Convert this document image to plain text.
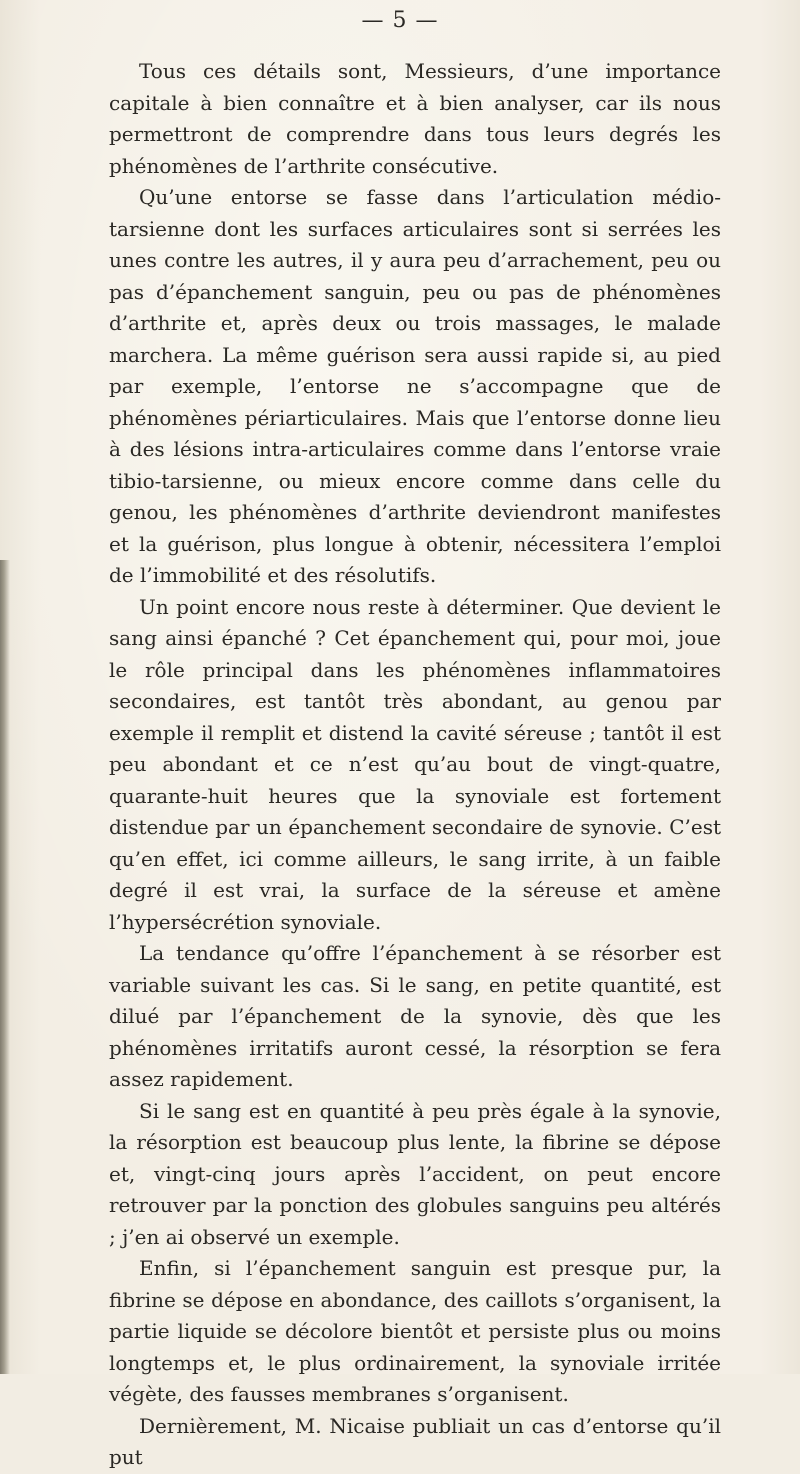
— 5 —

Tous ces détails sont, Messieurs, d’une importance capitale à bien connaître et à bien analyser, car ils nous permettront de comprendre dans tous leurs degrés les phénomènes de l’arthrite consécutive.

Qu’une entorse se fasse dans l’articulation médio-tarsienne dont les surfaces articulaires sont si serrées les unes contre les autres, il y aura peu d’arrachement, peu ou pas d’épanchement sanguin, peu ou pas de phénomènes d’arthrite et, après deux ou trois massages, le malade marchera. La même guérison sera aussi rapide si, au pied par exemple, l’entorse ne s’accompagne que de phénomènes périarticulaires. Mais que l’entorse donne lieu à des lésions intra-articulaires comme dans l’entorse vraie tibio-tarsienne, ou mieux encore comme dans celle du genou, les phénomènes d’arthrite deviendront manifestes et la guérison, plus longue à obtenir, nécessitera l’emploi de l’immobilité et des résolutifs.

Un point encore nous reste à déterminer. Que devient le sang ainsi épanché ? Cet épanchement qui, pour moi, joue le rôle principal dans les phénomènes inflammatoires secondaires, est tantôt très abondant, au genou par exemple il remplit et distend la cavité séreuse ; tantôt il est peu abondant et ce n’est qu’au bout de vingt-quatre, quarante-huit heures que la synoviale est fortement distendue par un épanchement secondaire de synovie. C’est qu’en effet, ici comme ailleurs, le sang irrite, à un faible degré il est vrai, la surface de la séreuse et amène l’hypersécrétion synoviale.

La tendance qu’offre l’épanchement à se résorber est variable suivant les cas. Si le sang, en petite quantité, est dilué par l’épanchement de la synovie, dès que les phénomènes irritatifs auront cessé, la résorption se fera assez rapidement.

Si le sang est en quantité à peu près égale à la synovie, la résorption est beaucoup plus lente, la fibrine se dépose et, vingt-cinq jours après l’accident, on peut encore retrouver par la ponction des globules sanguins peu altérés ; j’en ai observé un exemple.

Enfin, si l’épanchement sanguin est presque pur, la fibrine se dépose en abondance, des caillots s’organisent, la partie liquide se décolore bientôt et persiste plus ou moins longtemps et, le plus ordinairement, la synoviale irritée végète, des fausses membranes s’organisent.

Dernièrement, M. Nicaise publiait un cas d’entorse qu’il put
